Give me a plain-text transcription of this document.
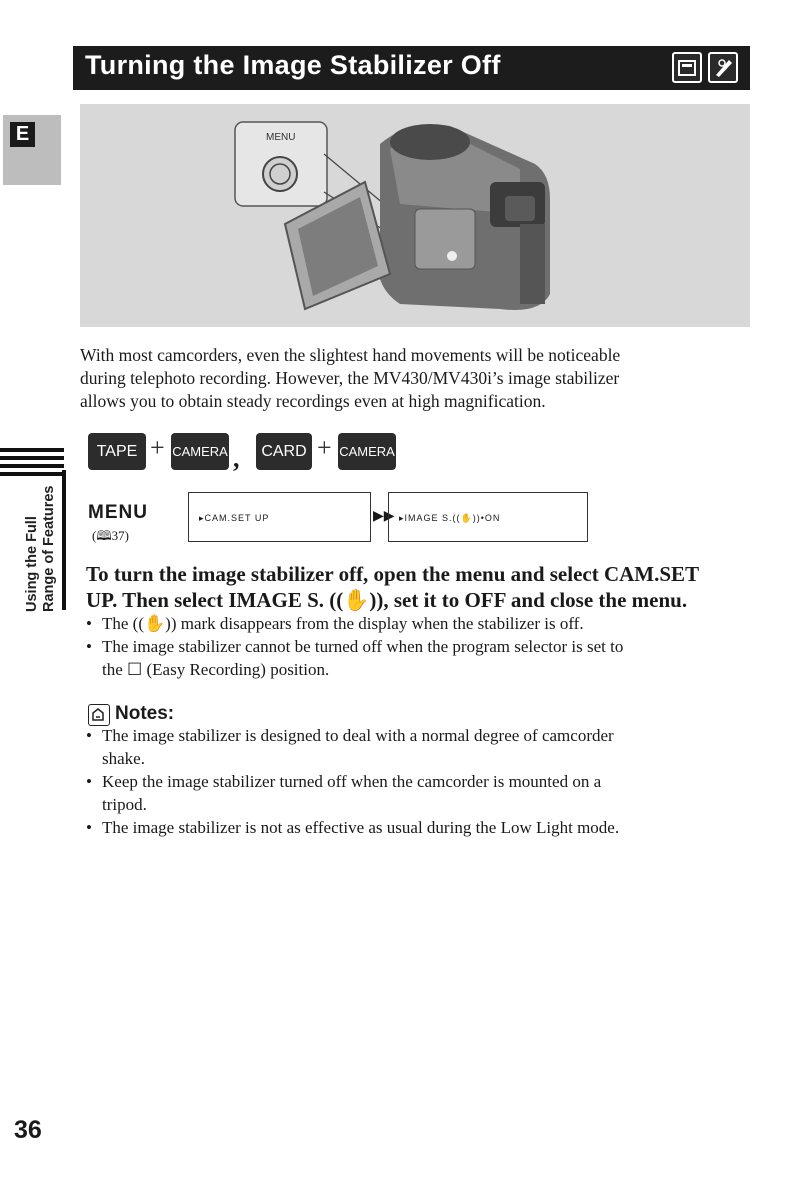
Turning the Image Stabilizer Off
E	MENU
With most camcorders, even the slightest hand movements will be noticeable
during telephoto recording. However, the MV430/MV430i’s image stabilizer
allows you to obtain steady recordings even at high magnification.
Using the Full Range of Features
TAPE + CAMERA ,	CARD + CAMERA
MENU
(🕮37)
▸CAM.SET UP	▶▶ ▸IMAGE S.((✋))•ON
To turn the image stabilizer off, open the menu and select CAM.SET
UP. Then select IMAGE S. ((✋)), set it to OFF and close the menu.
• The ((✋)) mark disappears from the display when the stabilizer is off.
• The image stabilizer cannot be turned off when the program selector is set to
the ☐ (Easy Recording) position.
Notes:
• The image stabilizer is designed to deal with a normal degree of camcorder
shake.
• Keep the image stabilizer turned off when the camcorder is mounted on a
tripod.
• The image stabilizer is not as effective as usual during the Low Light mode.
36
